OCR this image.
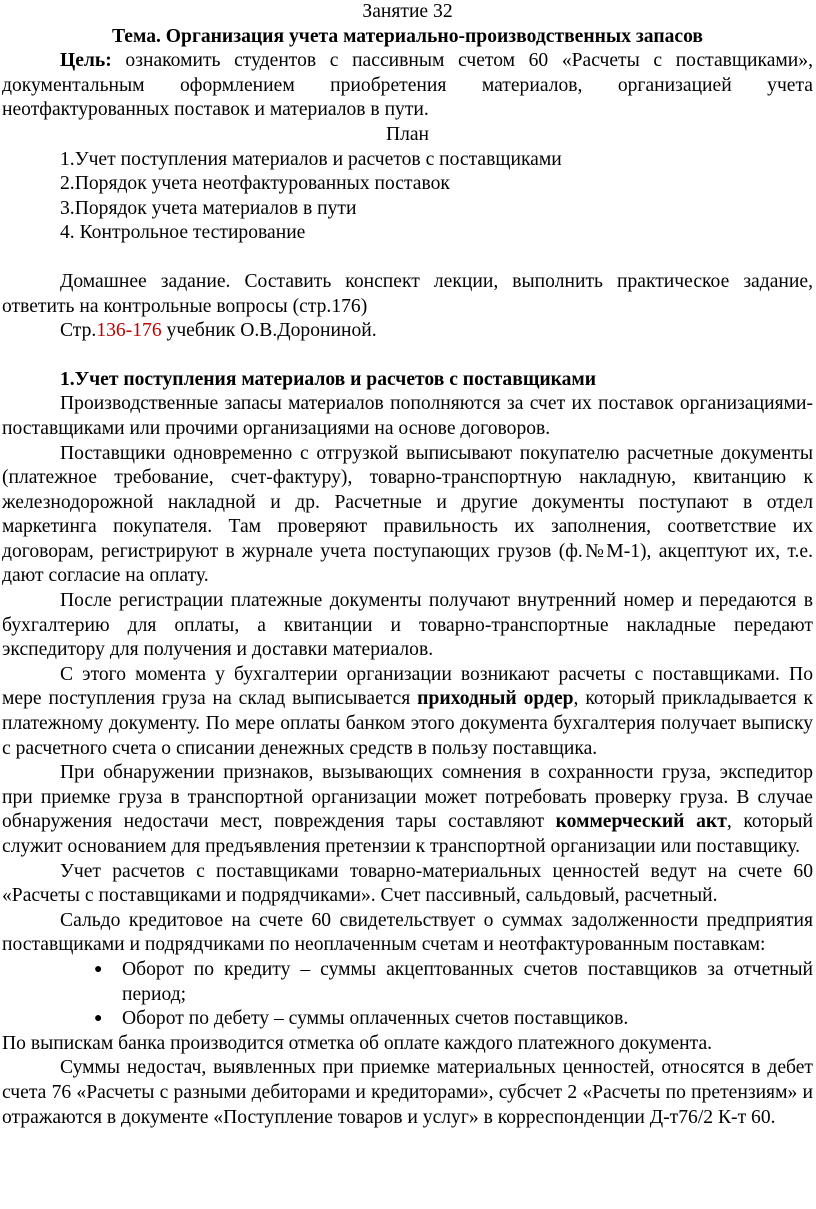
Занятие 32

Тема. Организация учета материально-производственных запасов

Цель: ознакомить студентов с пассивным счетом 60 «Расчеты с поставщиками», документальным оформлением приобретения материалов, организацией учета неотфактурованных поставок и материалов в пути.

План

1.Учет поступления материалов и расчетов с поставщиками

2.Порядок учета неотфактурованных поставок

3.Порядок учета материалов в пути

4. Контрольное тестирование

Домашнее задание. Составить конспект лекции, выполнить практическое задание, ответить на контрольные вопросы (стр.176)

Стр.136-176 учебник О.В.Дорониной.

1.Учет поступления материалов и расчетов с поставщиками

Производственные запасы материалов пополняются за счет их поставок организациями-поставщиками или прочими организациями на основе договоров.

Поставщики одновременно с отгрузкой выписывают покупателю расчетные документы (платежное требование, счет-фактуру), товарно-транспортную накладную, квитанцию к железнодорожной накладной и др. Расчетные и другие документы поступают в отдел маркетинга покупателя. Там проверяют правильность их заполнения, соответствие их договорам, регистрируют в журнале учета поступающих грузов (ф.№М-1), акцептуют их, т.е. дают согласие на оплату.

После регистрации платежные документы получают внутренний номер и передаются в бухгалтерию для оплаты, а квитанции и товарно-транспортные накладные передают экспедитору для получения и доставки материалов.

С этого момента у бухгалтерии организации возникают расчеты с поставщиками. По мере поступления груза на склад выписывается приходный ордер, который прикладывается к платежному документу. По мере оплаты банком этого документа бухгалтерия получает выписку с расчетного счета о списании денежных средств в пользу поставщика.

При обнаружении признаков, вызывающих сомнения в сохранности груза, экспедитор при приемке груза в транспортной организации может потребовать проверку груза. В случае обнаружения недостачи мест, повреждения тары составляют коммерческий акт, который служит основанием для предъявления претензии к транспортной организации или поставщику.

Учет расчетов с поставщиками товарно-материальных ценностей ведут на счете 60 «Расчеты с поставщиками и подрядчиками». Счет пассивный, сальдовый, расчетный.

Сальдо кредитовое на счете 60 свидетельствует о суммах задолженности предприятия поставщиками и подрядчиками по неоплаченным счетам и неотфактурованным поставкам:

● Оборот по кредиту – суммы акцептованных счетов поставщиков за отчетный период;
● Оборот по дебету – суммы оплаченных счетов поставщиков.

По выпискам банка производится отметка об оплате каждого платежного документа.

Суммы недостач, выявленных при приемке материальных ценностей, относятся в дебет счета 76 «Расчеты с разными дебиторами и кредиторами», субсчет 2 «Расчеты по претензиям» и отражаются в документе «Поступление товаров и услуг» в корреспонденции Д-т76/2 К-т 60.
